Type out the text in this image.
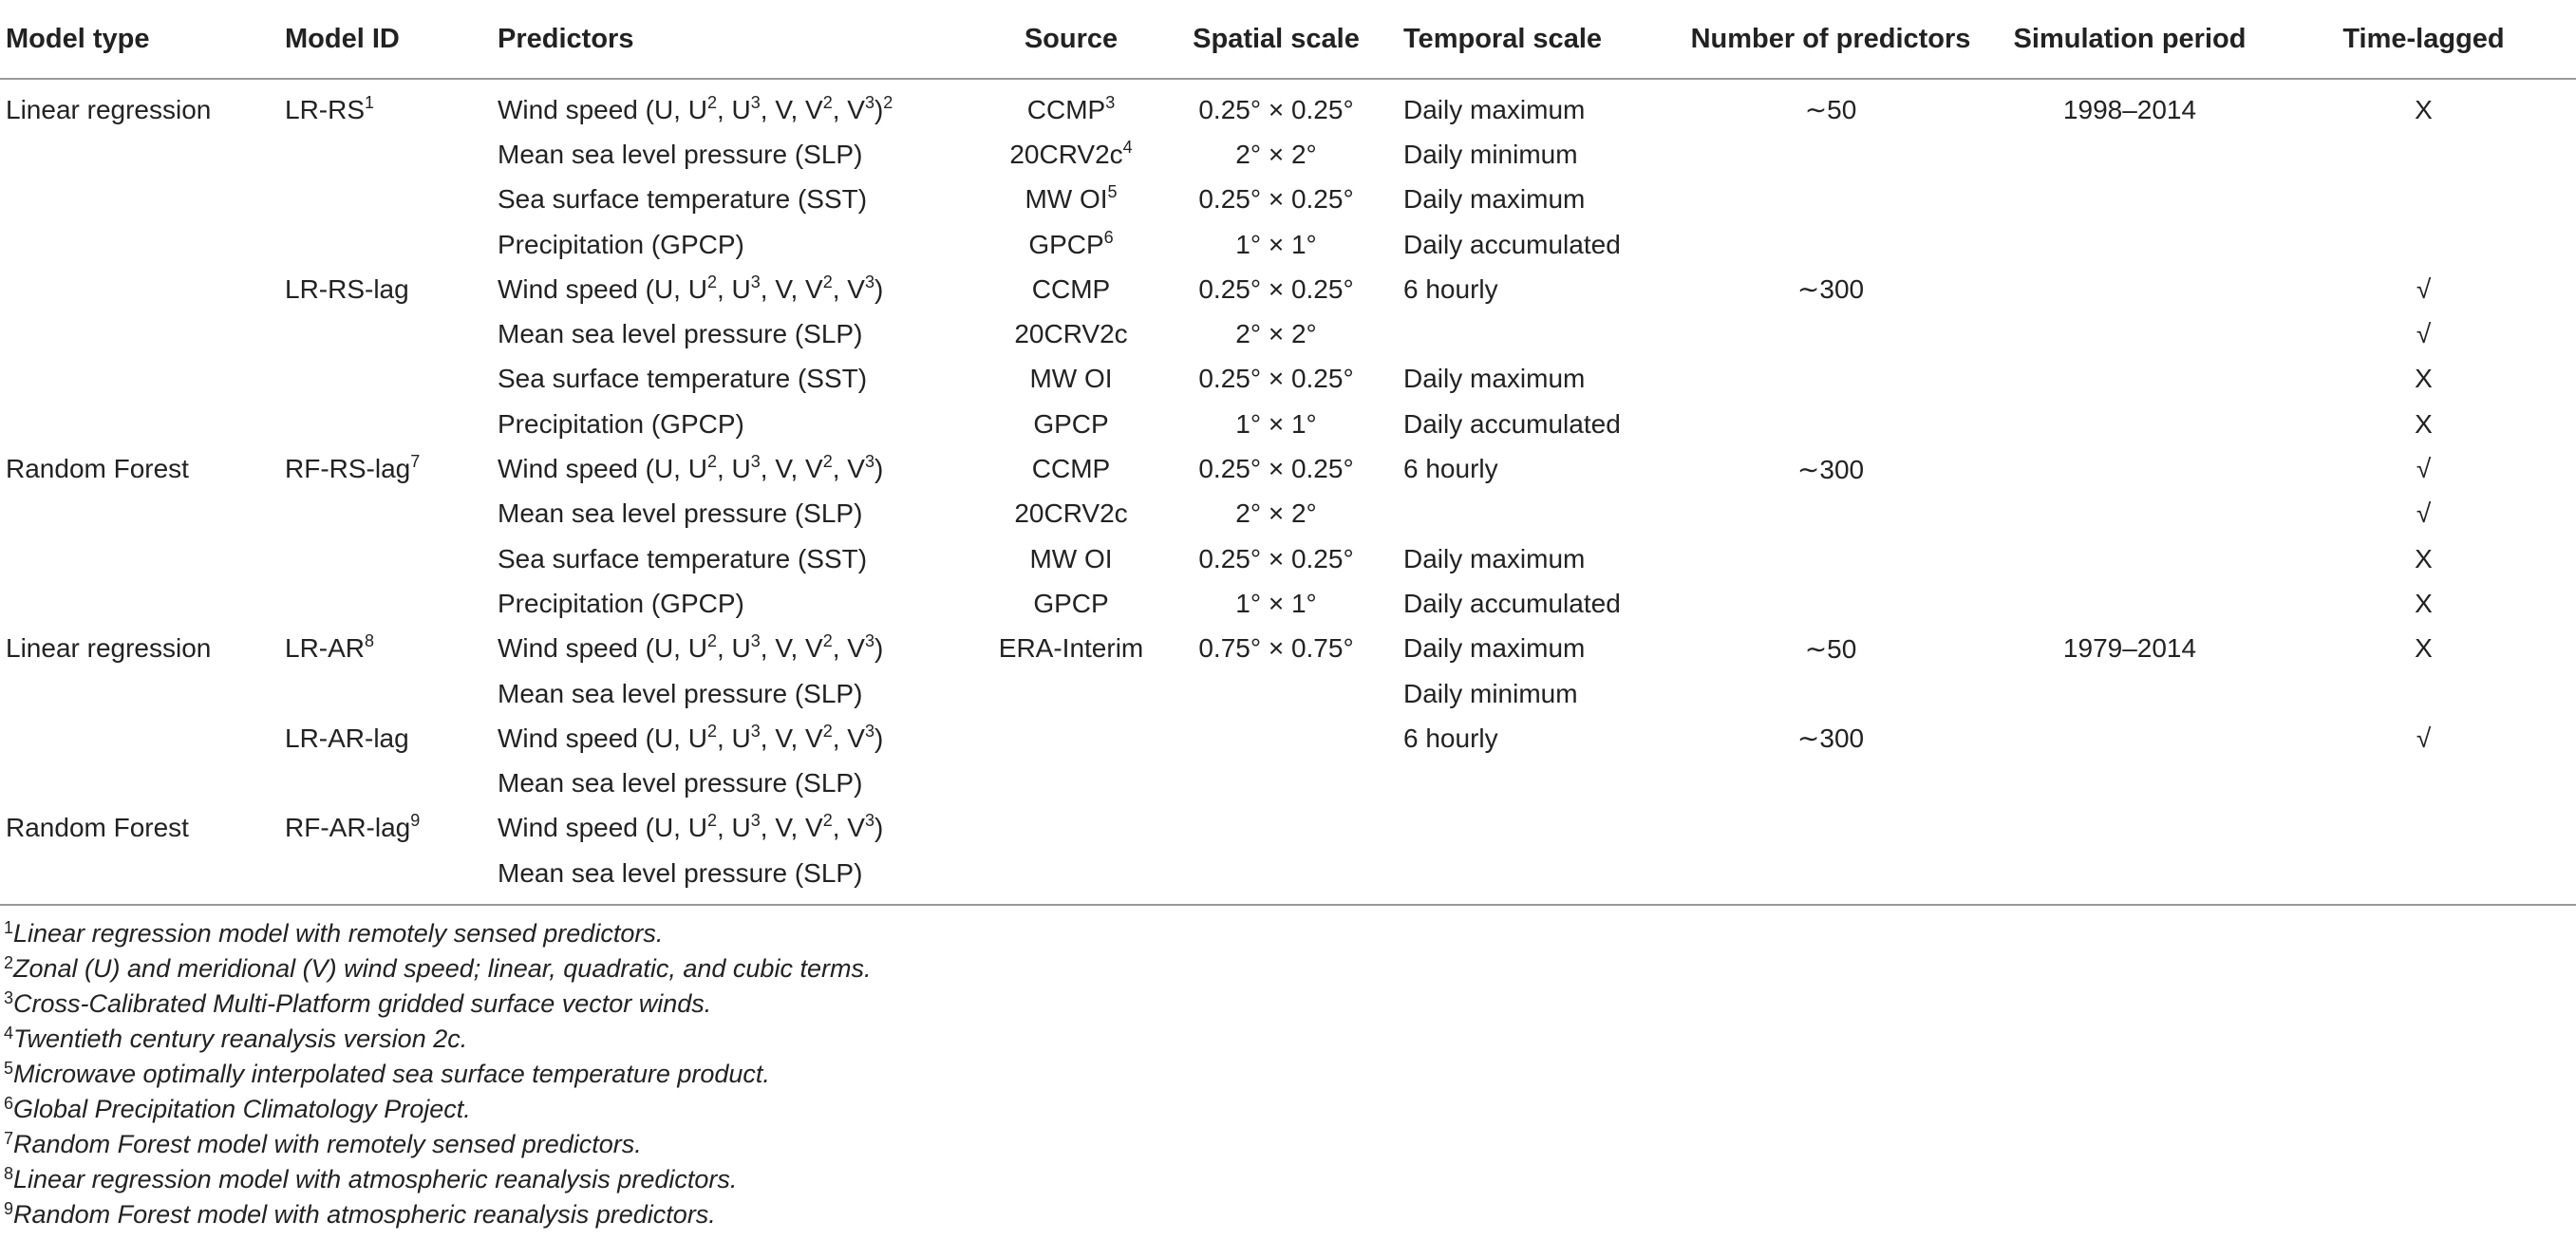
Model type	Model ID	Predictors	Source	Spatial scale	Temporal scale	Number of predictors	Simulation period	Time-lagged
Linear regression	$LR-RS^1$	Wind speed (U, $U^2$, $U^3$, V, $V^2$, $V^3)^2$	CCMP$^3$	0.25° × 0.25°	Daily maximum	∼50	1998–2014	X
		Mean sea level pressure (SLP)	$20CRV2c^4$	2° × 2°	Daily minimum			
		Sea surface temperature (SST)	MW $OI^5$	0.25° × 0.25°	Daily maximum			
		Precipitation (GPCP)	GPCP$^6$	1° × 1°	Daily accumulated			
	LR-RS-lag	Wind speed (U, $U^2$, $U^3$, V, $V^2$, $V^3$)	CCMP	0.25° × 0.25°	6 hourly	∼300		√
		Mean sea level pressure (SLP)	20CRV2c	2° × 2°				√
		Sea surface temperature (SST)	MW OI	0.25° × 0.25°	Daily maximum			X
		Precipitation (GPCP)	GPCP	1° × 1°	Daily accumulated			X
Random Forest	RF-RS-lag$^7$	Wind speed (U, $U^2$, $U^3$, V, $V^2$, $V^3$)	CCMP	0.25° × 0.25°	6 hourly	∼300		√
		Mean sea level pressure (SLP)	20CRV2c	2° × 2°				√
		Sea surface temperature (SST)	MW OI	0.25° × 0.25°	Daily maximum			X
		Precipitation (GPCP)	GPCP	1° × 1°	Daily accumulated			X
Linear regression	$LR-AR^8$	Wind speed (U, $U^2$, $U^3$, V, $V^2$, $V^3$)	ERA-Interim	0.75° × 0.75°	Daily maximum	∼50	1979–2014	X
		Mean sea level pressure (SLP)			Daily minimum			
	LR-AR-lag	Wind speed (U, $U^2$, $U^3$, V, $V^2$, $V^3$)			6 hourly	∼300		√
		Mean sea level pressure (SLP)						
Random Forest	RF-AR-lag$^9$	Wind speed (U, $U^2$, $U^3$, V, $V^2$, $V^3$)						
		Mean sea level pressure (SLP)						
$^1$Linear regression model with remotely sensed predictors.
$^2$Zonal (U) and meridional (V) wind speed; linear, quadratic, and cubic terms.
$^3$Cross-Calibrated Multi-Platform gridded surface vector winds.
$^4$Twentieth century reanalysis version 2c.
$^5$Microwave optimally interpolated sea surface temperature product.
$^6$Global Precipitation Climatology Project.
$^7$Random Forest model with remotely sensed predictors.
$^8$Linear regression model with atmospheric reanalysis predictors.
$^9$Random Forest model with atmospheric reanalysis predictors.
